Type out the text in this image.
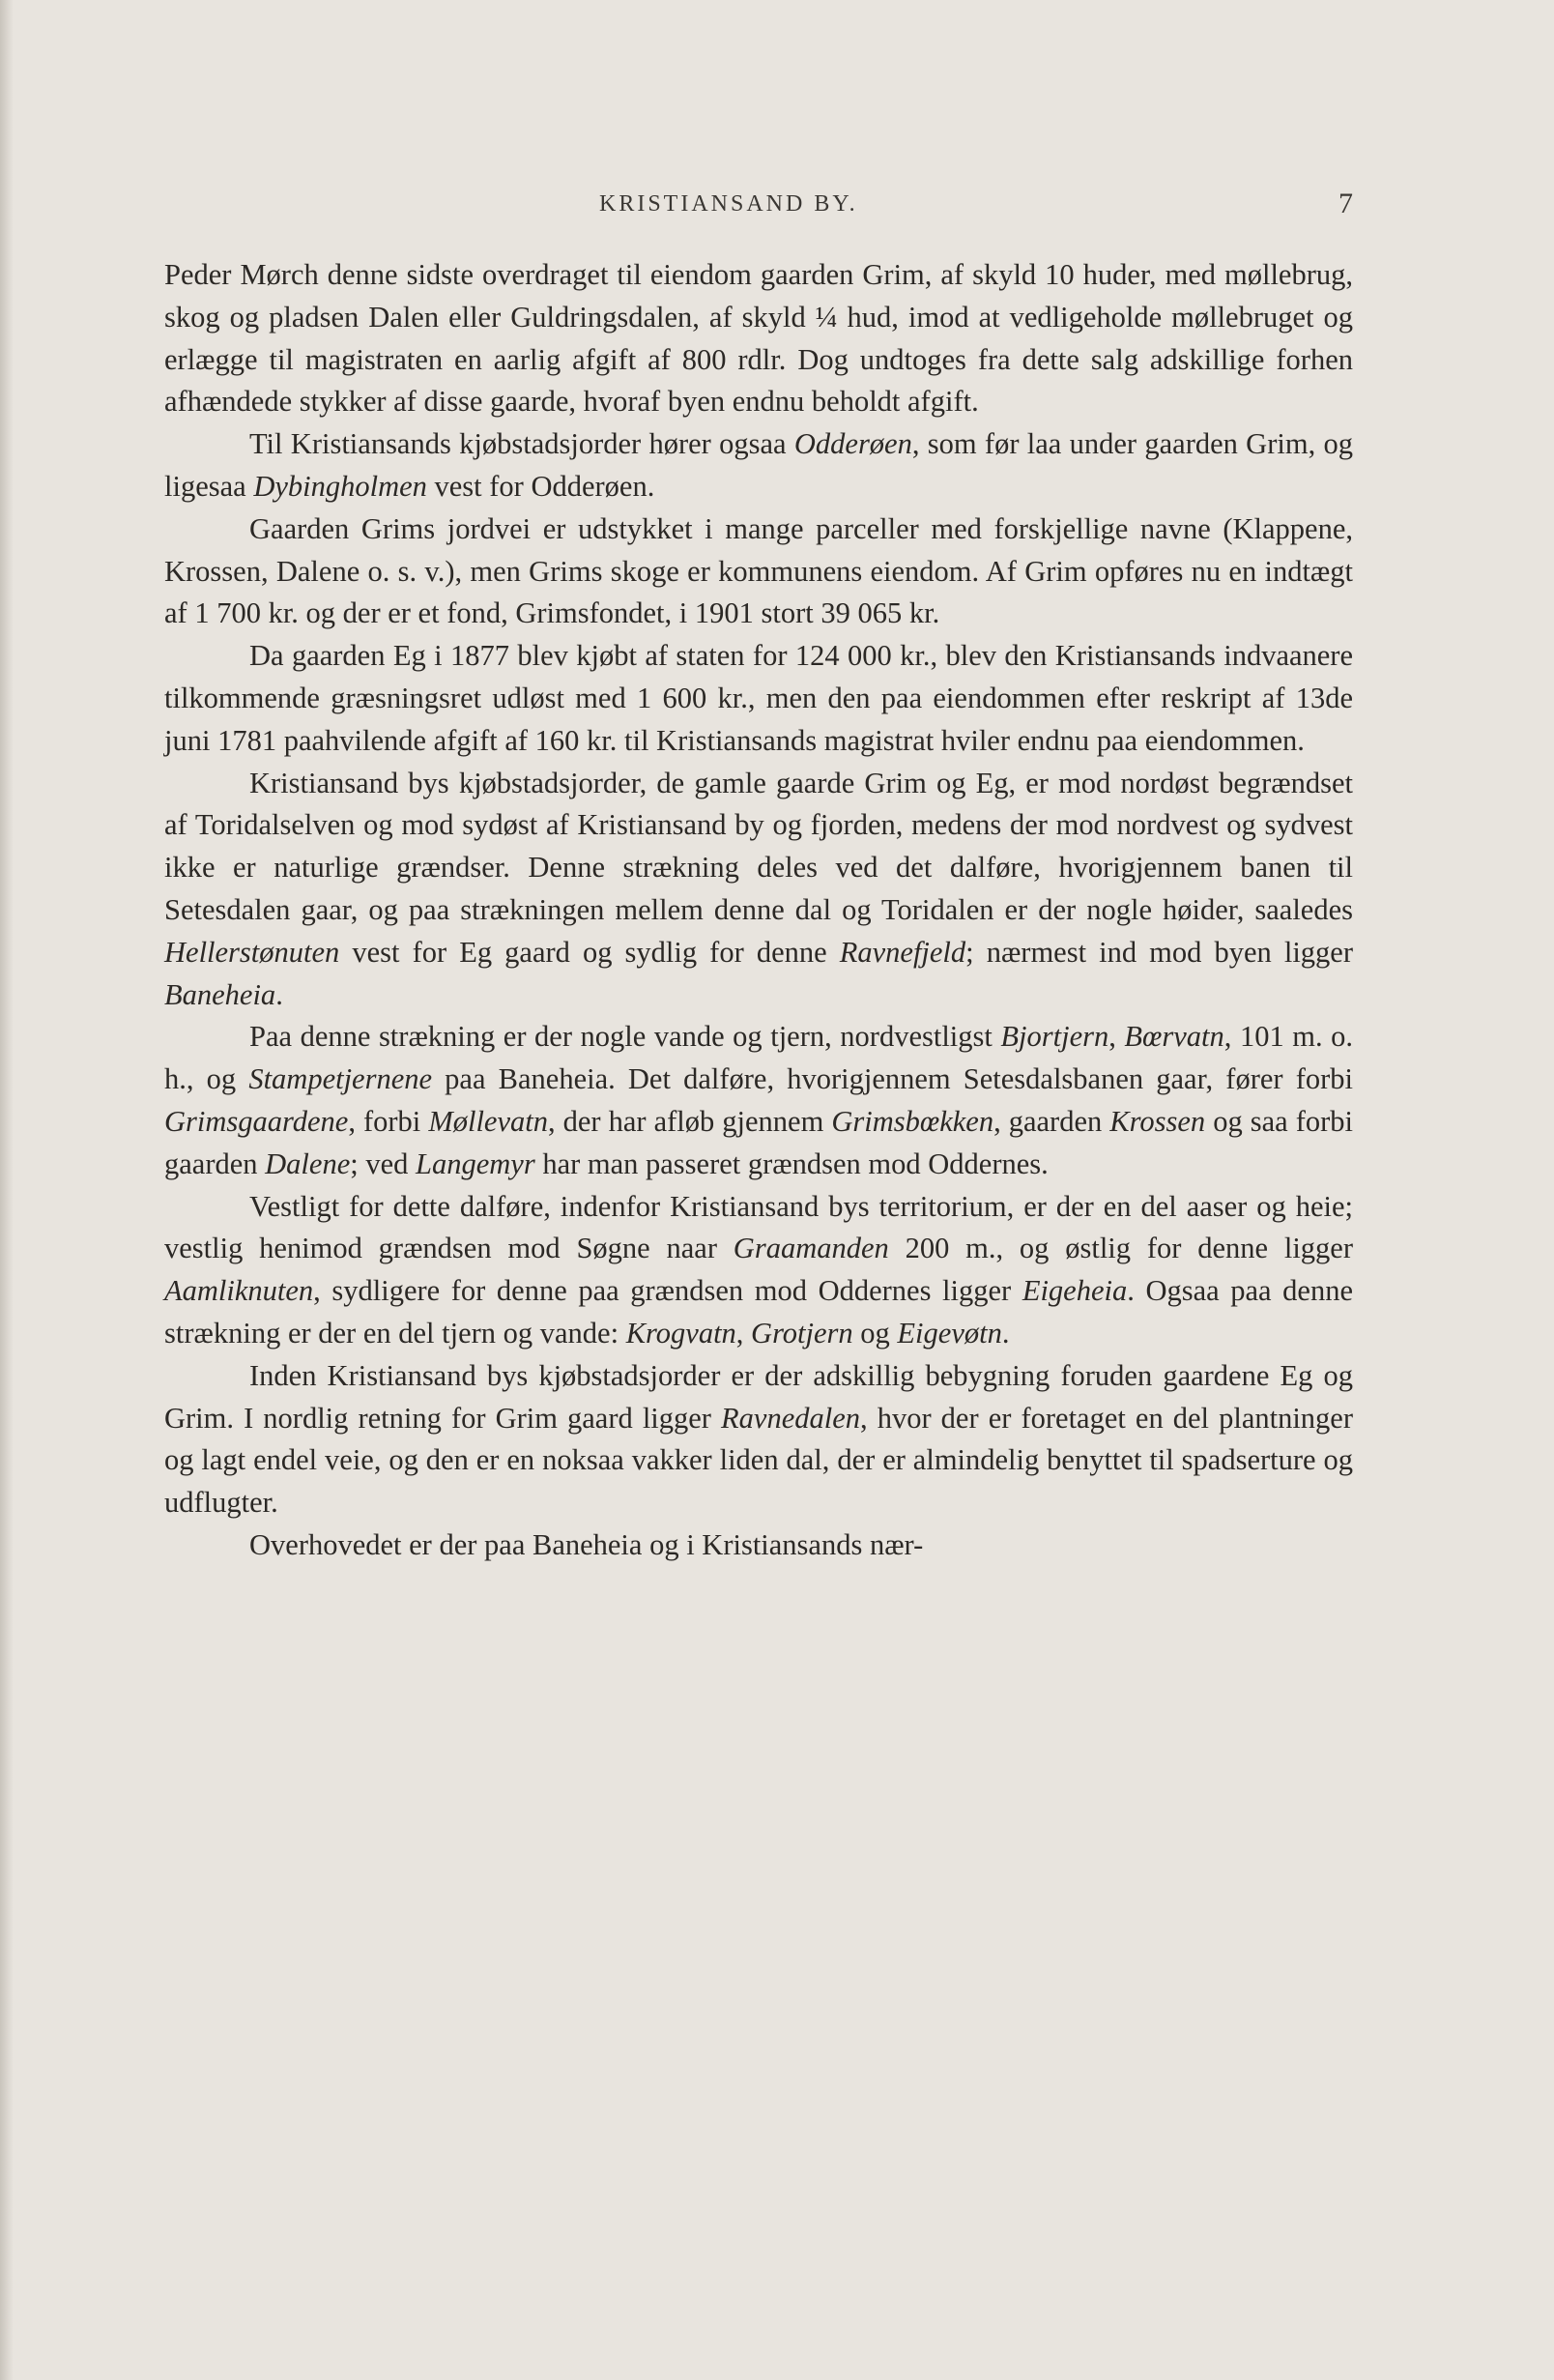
KRISTIANSAND BY.	7

Peder Mørch denne sidste overdraget til eiendom gaarden Grim, af skyld 10 huder, med møllebrug, skog og pladsen Dalen eller Guldringsdalen, af skyld ¼ hud, imod at vedligeholde møllebruget og erlægge til magistraten en aarlig afgift af 800 rdlr. Dog undtoges fra dette salg adskillige forhen afhændede stykker af disse gaarde, hvoraf byen endnu beholdt afgift.

Til Kristiansands kjøbstadsjorder hører ogsaa Odderøen, som før laa under gaarden Grim, og ligesaa Dybingholmen vest for Odderøen.

Gaarden Grims jordvei er udstykket i mange parceller med forskjellige navne (Klappene, Krossen, Dalene o. s. v.), men Grims skoge er kommunens eiendom. Af Grim opføres nu en indtægt af 1 700 kr. og der er et fond, Grimsfondet, i 1901 stort 39 065 kr.

Da gaarden Eg i 1877 blev kjøbt af staten for 124 000 kr., blev den Kristiansands indvaanere tilkommende græsningsret udløst med 1 600 kr., men den paa eiendommen efter reskript af 13de juni 1781 paahvilende afgift af 160 kr. til Kristiansands magistrat hviler endnu paa eiendommen.

Kristiansand bys kjøbstadsjorder, de gamle gaarde Grim og Eg, er mod nordøst begrændset af Toridalselven og mod sydøst af Kristiansand by og fjorden, medens der mod nordvest og sydvest ikke er naturlige grændser. Denne strækning deles ved det dalføre, hvorigjennem banen til Setesdalen gaar, og paa strækningen mellem denne dal og Toridalen er der nogle høider, saaledes Hellerstønuten vest for Eg gaard og sydlig for denne Ravnefjeld; nærmest ind mod byen ligger Baneheia.

Paa denne strækning er der nogle vande og tjern, nordvestligst Bjortjern, Bœrvatn, 101 m. o. h., og Stampetjernene paa Baneheia. Det dalføre, hvorigjennem Setesdalsbanen gaar, fører forbi Grimsgaardene, forbi Møllevatn, der har afløb gjennem Grimsbœkken, gaarden Krossen og saa forbi gaarden Dalene; ved Langemyr har man passeret grændsen mod Oddernes.

Vestligt for dette dalføre, indenfor Kristiansand bys territorium, er der en del aaser og heie; vestlig henimod grændsen mod Søgne naar Graamanden 200 m., og østlig for denne ligger Aamliknuten, sydligere for denne paa grændsen mod Oddernes ligger Eigeheia. Ogsaa paa denne strækning er der en del tjern og vande: Krogvatn, Grotjern og Eigevøtn.

Inden Kristiansand bys kjøbstadsjorder er der adskillig bebygning foruden gaardene Eg og Grim. I nordlig retning for Grim gaard ligger Ravnedalen, hvor der er foretaget en del plantninger og lagt endel veie, og den er en noksaa vakker liden dal, der er almindelig benyttet til spadserture og udflugter.

Overhovedet er der paa Baneheia og i Kristiansands nær-
